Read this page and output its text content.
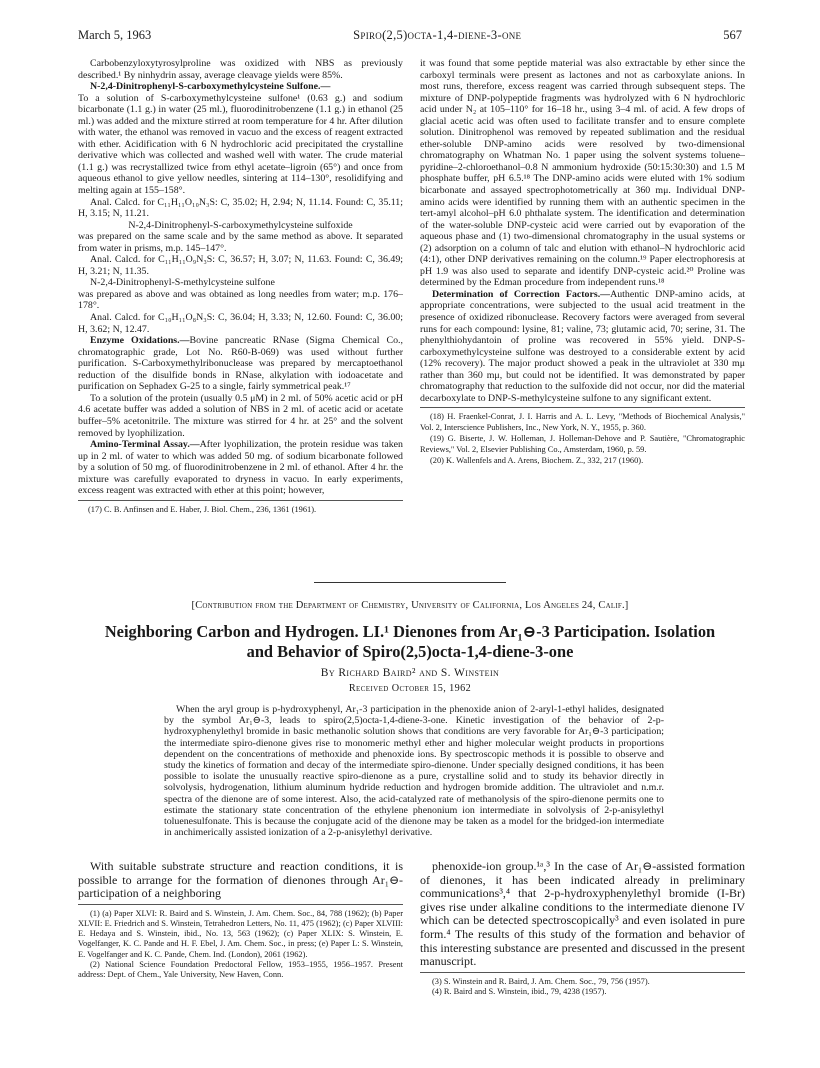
March 5, 1963	Spiro(2,5)octa-1,4-diene-3-one	567

Carbobenzyloxytyrosylproline was oxidized with NBS as previously described.¹ By ninhydrin assay, average cleavage yields were 85%.

N-2,4-Dinitrophenyl-S-carboxymethylcysteine Sulfone.—

To a solution of S-carboxymethylcysteine sulfone¹ (0.63 g.) and sodium bicarbonate (1.1 g.) in water (25 ml.), fluorodinitrobenzene (1.1 g.) in ethanol (25 ml.) was added and the mixture stirred at room temperature for 4 hr. After dilution with water, the ethanol was removed in vacuo and the excess of reagent extracted with ether. Acidification with 6 N hydrochloric acid precipitated the crystalline derivative which was collected and washed well with water. The crude material (1.1 g.) was recrystallized twice from ethyl acetate–ligroin (65°) and once from aqueous ethanol to give yellow needles, sintering at 114–130°, resolidifying and melting again at 155–158°.

Anal. Calcd. for C₁₁H₁₁O₁₀N₃S: C, 35.02; H, 2.94; N, 11.14. Found: C, 35.11; H, 3.15; N, 11.21.

N-2,4-Dinitrophenyl-S-carboxymethylcysteine sulfoxide

was prepared on the same scale and by the same method as above. It separated from water in prisms, m.p. 145–147°.

Anal. Calcd. for C₁₁H₁₁O₉N₃S: C, 36.57; H, 3.07; N, 11.63. Found: C, 36.49; H, 3.21; N, 11.35.

N-2,4-Dinitrophenyl-S-methylcysteine sulfone

was prepared as above and was obtained as long needles from water; m.p. 176–178°.

Anal. Calcd. for C₁₀H₁₁O₈N₃S: C, 36.04; H, 3.33; N, 12.60. Found: C, 36.00; H, 3.62; N, 12.47.

Enzyme Oxidations.—Bovine pancreatic RNase (Sigma Chemical Co., chromatographic grade, Lot No. R60-B-069) was used without further purification. S-Carboxymethylribonuclease was prepared by mercaptoethanol reduction of the disulfide bonds in RNase, alkylation with iodoacetate and purification on Sephadex G-25 to a single, fairly symmetrical peak.¹⁷

To a solution of the protein (usually 0.5 μM) in 2 ml. of 50% acetic acid or pH 4.6 acetate buffer was added a solution of NBS in 2 ml. of acetic acid or acetate buffer–5% acetonitrile. The mixture was stirred for 4 hr. at 25° and the solvent removed by lyophilization.

Amino-Terminal Assay.—After lyophilization, the protein residue was taken up in 2 ml. of water to which was added 50 mg. of sodium bicarbonate followed by a solution of 50 mg. of fluorodinitrobenzene in 2 ml. of ethanol. After 4 hr. the mixture was carefully evaporated to dryness in vacuo. In early experiments, excess reagent was extracted with ether at this point; however,

(17) C. B. Anfinsen and E. Haber, J. Biol. Chem., 236, 1361 (1961).

it was found that some peptide material was also extractable by ether since the carboxyl terminals were present as lactones and not as carboxylate anions. In most runs, therefore, excess reagent was carried through subsequent steps. The mixture of DNP-polypeptide fragments was hydrolyzed with 6 N hydrochloric acid under N₂ at 105–110° for 16–18 hr., using 3–4 ml. of acid. A few drops of glacial acetic acid was often used to facilitate transfer and to ensure complete solution. Dinitrophenol was removed by repeated sublimation and the residual ether-soluble DNP-amino acids were resolved by two-dimensional chromatography on Whatman No. 1 paper using the solvent systems toluene–pyridine–2-chloroethanol–0.8 N ammonium hydroxide (50:15:30:30) and 1.5 M phosphate buffer, pH 6.5.¹⁸ The DNP-amino acids were eluted with 1% sodium bicarbonate and assayed spectrophotometrically at 360 mμ. Individual DNP-amino acids were identified by running them with an authentic specimen in the tert-amyl alcohol–pH 6.0 phthalate system. The identification and determination of the water-soluble DNP-cysteic acid were carried out by evaporation of the aqueous phase and (1) two-dimensional chromatography in the usual systems or (2) adsorption on a column of talc and elution with ethanol–N hydrochloric acid (4:1), other DNP derivatives remaining on the column.¹⁹ Paper electrophoresis at pH 1.9 was also used to separate and identify DNP-cysteic acid.²⁰ Proline was determined by the Edman procedure from independent runs.¹⁸

Determination of Correction Factors.—Authentic DNP-amino acids, at appropriate concentrations, were subjected to the usual acid treatment in the presence of oxidized ribonuclease. Recovery factors were averaged from several runs for each compound: lysine, 81; valine, 73; glutamic acid, 70; serine, 31. The phenylthiohydantoin of proline was recovered in 55% yield. DNP-S-carboxymethylcysteine sulfone was destroyed to a considerable extent by acid (12% recovery). The major product showed a peak in the ultraviolet at 330 mμ rather than 360 mμ, but could not be identified. It was demonstrated by paper chromatography that reduction to the sulfoxide did not occur, nor did the material decarboxylate to DNP-S-methylcysteine sulfone to any significant extent.

(18) H. Fraenkel-Conrat, J. I. Harris and A. L. Levy, "Methods of Biochemical Analysis," Vol. 2, Interscience Publishers, Inc., New York, N. Y., 1955, p. 360.

(19) G. Biserte, J. W. Holleman, J. Holleman-Dehove and P. Sautière, "Chromatographic Reviews," Vol. 2, Elsevier Publishing Co., Amsterdam, 1960, p. 59.

(20) K. Wallenfels and A. Arens, Biochem. Z., 332, 217 (1960).

[Contribution from the Department of Chemistry, University of California, Los Angeles 24, Calif.]
Neighboring Carbon and Hydrogen. LI.¹ Dienones from Ar₁⊖-3 Participation. Isolation
and Behavior of Spiro(2,5)octa-1,4-diene-3-one
By Richard Baird² and S. Winstein
Received October 15, 1962
When the aryl group is p-hydroxyphenyl, Ar₁-3 participation in the phenoxide anion of 2-aryl-1-ethyl halides, designated by the symbol Ar₁⊖-3, leads to spiro(2,5)octa-1,4-diene-3-one. Kinetic investigation of the behavior of 2-p-hydroxyphenylethyl bromide in basic methanolic solution shows that conditions are very favorable for Ar₁⊖-3 participation; the intermediate spiro-dienone gives rise to monomeric methyl ether and higher molecular weight products in proportions dependent on the concentrations of methoxide and phenoxide ions. By spectroscopic methods it is possible to observe and study the kinetics of formation and decay of the intermediate spiro-dienone. Under specially designed conditions, it has been possible to isolate the unusually reactive spiro-dienone as a pure, crystalline solid and to study its behavior directly in solvolysis, hydrogenation, lithium aluminum hydride reduction and hydrogen bromide addition. The ultraviolet and n.m.r. spectra of the dienone are of some interest. Also, the acid-catalyzed rate of methanolysis of the spiro-dienone permits one to estimate the stationary state concentration of the ethylene phenonium ion intermediate in solvolysis of 2-p-anisylethyl toluenesulfonate. This is because the conjugate acid of the dienone may be taken as a model for the bridged-ion intermediate in anchimerically assisted ionization of a 2-p-anisylethyl derivative.

With suitable substrate structure and reaction conditions, it is possible to arrange for the formation of dienones through Ar₁⊖-participation of a neighboring

(1) (a) Paper XLVI: R. Baird and S. Winstein, J. Am. Chem. Soc., 84, 788 (1962); (b) Paper XLVII: E. Friedrich and S. Winstein, Tetrahedron Letters, No. 11, 475 (1962); (c) Paper XLVIII: E. Hedaya and S. Winstein, ibid., No. 13, 563 (1962); (c) Paper XLIX: S. Winstein, E. Vogelfanger, K. C. Pande and H. F. Ebel, J. Am. Chem. Soc., in press; (e) Paper L: S. Winstein, E. Vogelfanger and K. C. Pande, Chem. Ind. (London), 2061 (1962).

(2) National Science Foundation Predoctoral Fellow, 1953–1955, 1956–1957. Present address: Dept. of Chem., Yale University, New Haven, Conn.

phenoxide-ion group.¹ᵃ,³ In the case of Ar₁⊖-assisted formation of dienones, it has been indicated already in preliminary communications³,⁴ that 2-p-hydroxyphenylethyl bromide (I-Br) gives rise under alkaline conditions to the intermediate dienone IV which can be detected spectroscopically³ and even isolated in pure form.⁴ The results of this study of the formation and behavior of this interesting substance are presented and discussed in the present manuscript.

(3) S. Winstein and R. Baird, J. Am. Chem. Soc., 79, 756 (1957).

(4) R. Baird and S. Winstein, ibid., 79, 4238 (1957).
